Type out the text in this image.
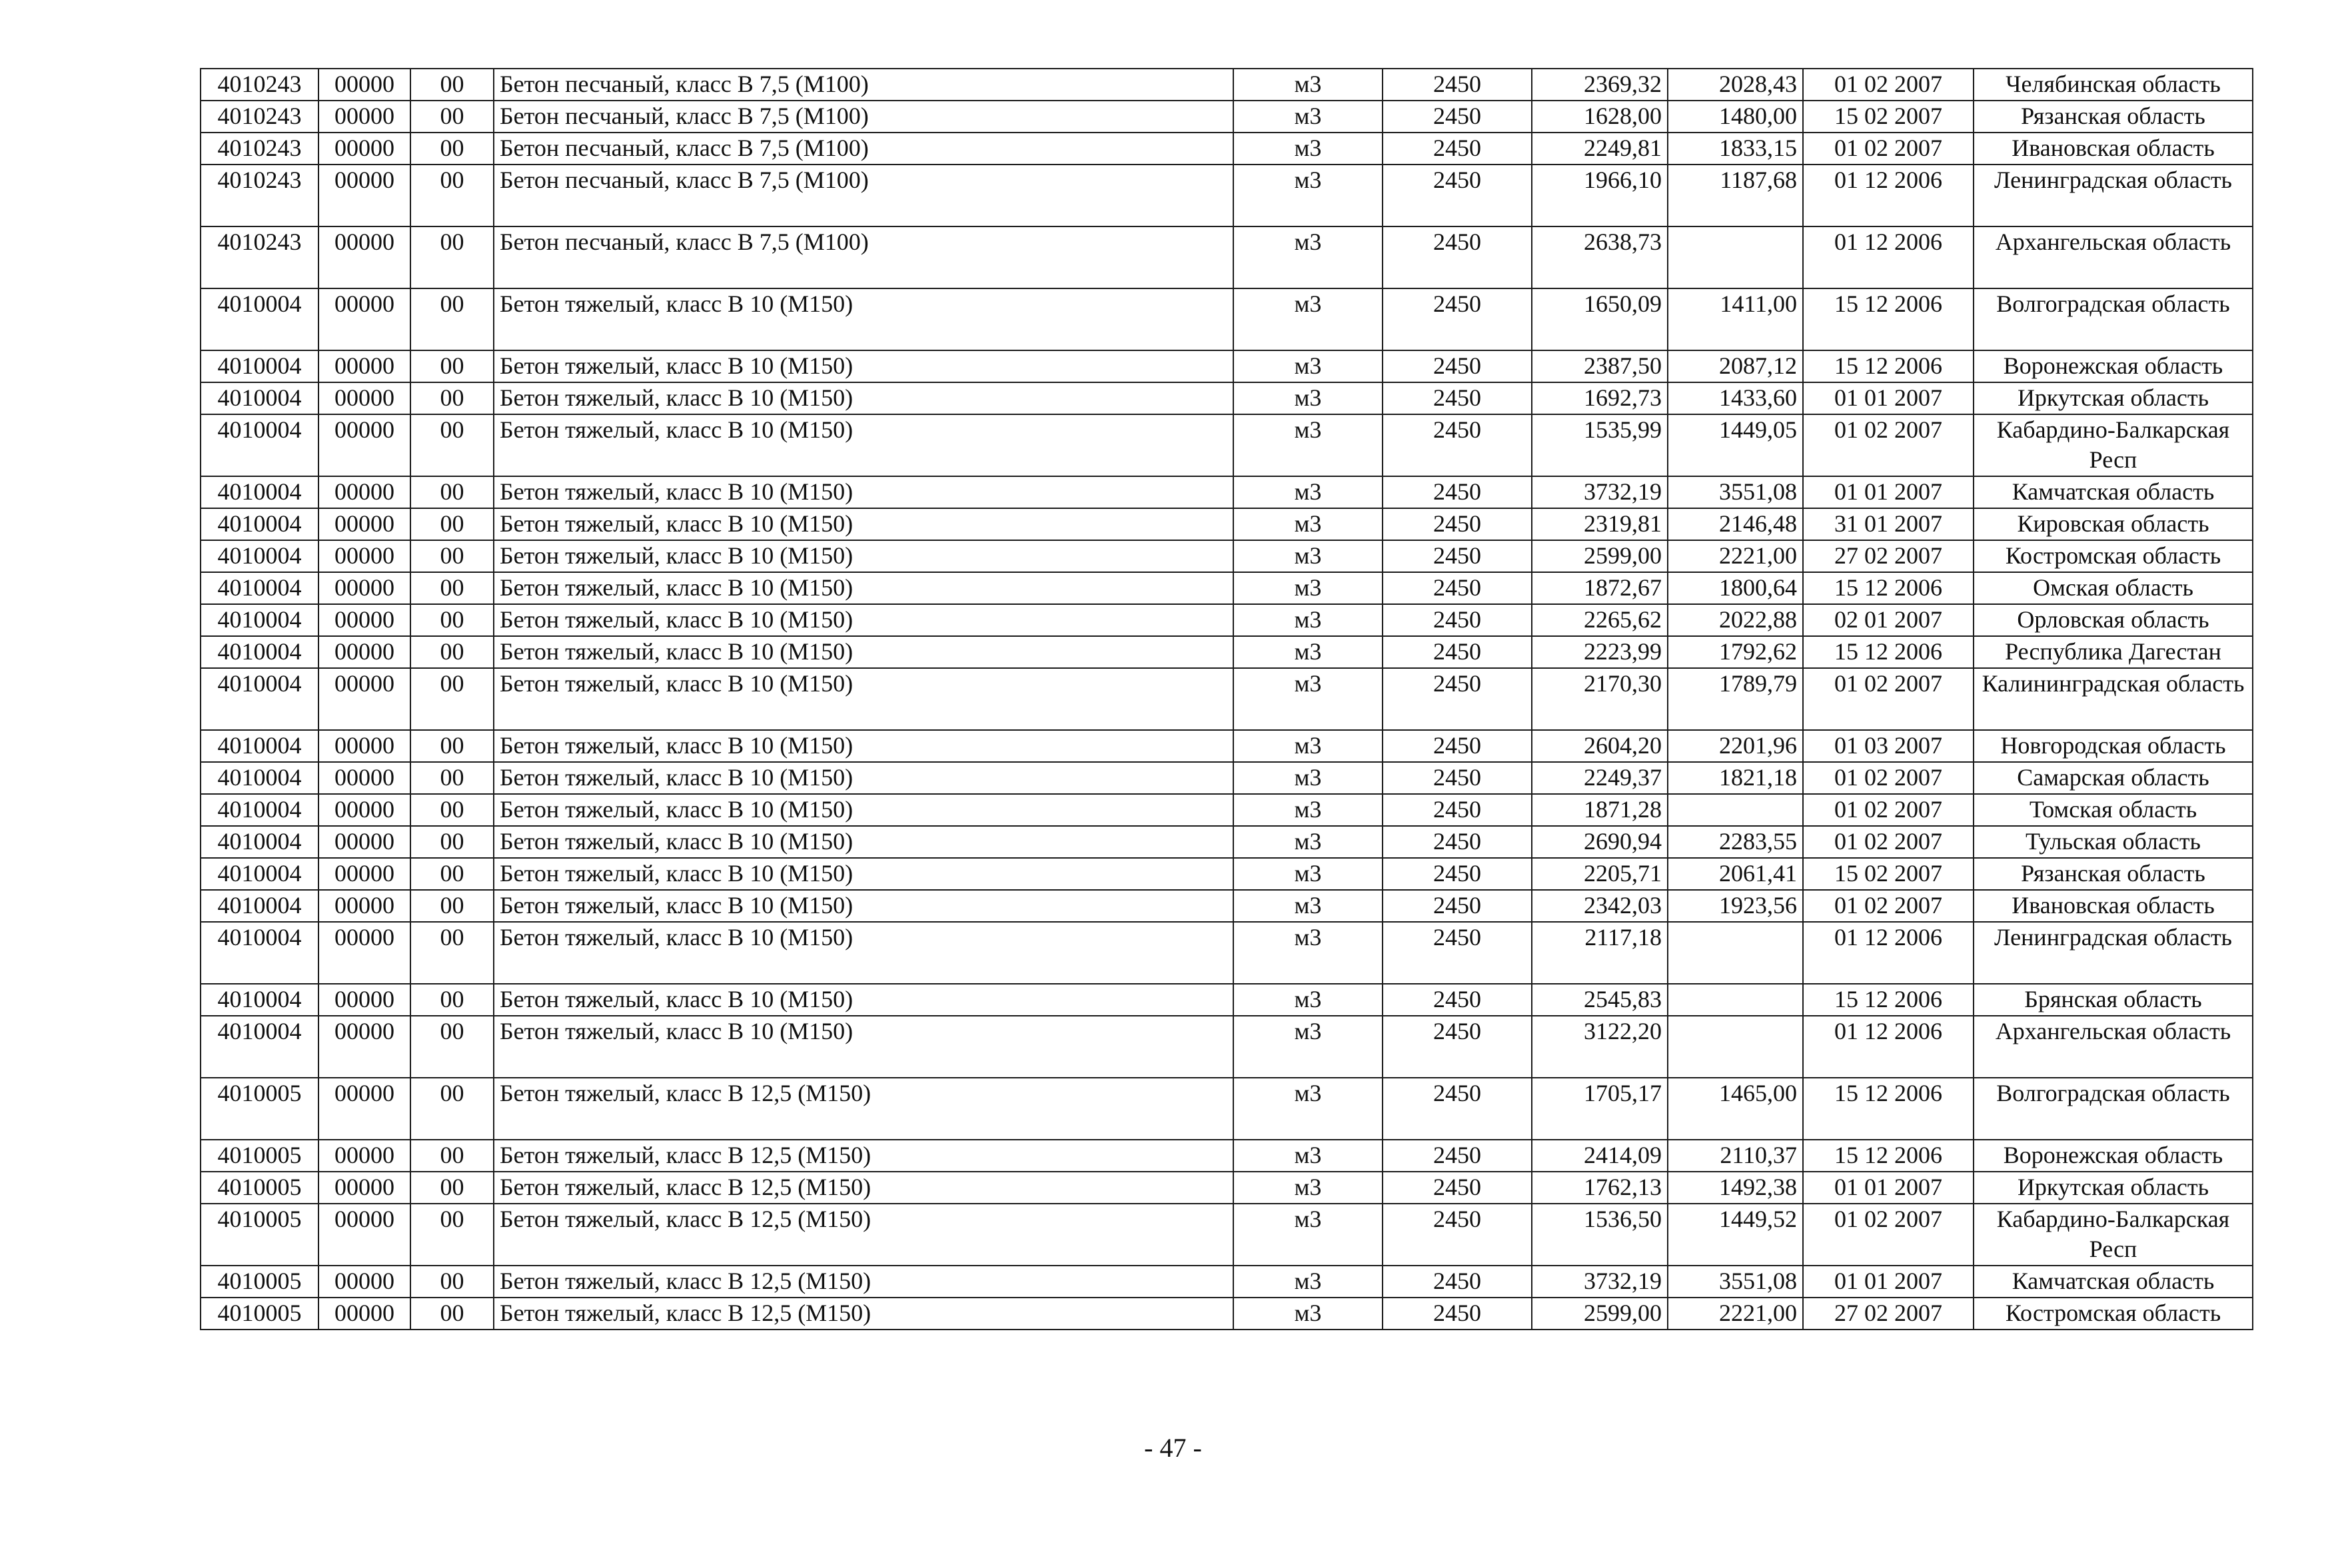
4010243	00000	00	Бетон песчаный, класс В 7,5 (М100)	м3	2450	2369,32	2028,43	01 02 2007	Челябинская область
4010243	00000	00	Бетон песчаный, класс В 7,5 (М100)	м3	2450	1628,00	1480,00	15 02 2007	Рязанская область
4010243	00000	00	Бетон песчаный, класс В 7,5 (М100)	м3	2450	2249,81	1833,15	01 02 2007	Ивановская область
4010243	00000	00	Бетон песчаный, класс В 7,5 (М100)	м3	2450	1966,10	1187,68	01 12 2006	Ленинградская область
4010243	00000	00	Бетон песчаный, класс В 7,5 (М100)	м3	2450	2638,73		01 12 2006	Архангельская область
4010004	00000	00	Бетон тяжелый, класс В 10 (М150)	м3	2450	1650,09	1411,00	15 12 2006	Волгоградская область
4010004	00000	00	Бетон тяжелый, класс В 10 (М150)	м3	2450	2387,50	2087,12	15 12 2006	Воронежская область
4010004	00000	00	Бетон тяжелый, класс В 10 (М150)	м3	2450	1692,73	1433,60	01 01 2007	Иркутская область
4010004	00000	00	Бетон тяжелый, класс В 10 (М150)	м3	2450	1535,99	1449,05	01 02 2007	Кабардино-Балкарская Респ
4010004	00000	00	Бетон тяжелый, класс В 10 (М150)	м3	2450	3732,19	3551,08	01 01 2007	Камчатская область
4010004	00000	00	Бетон тяжелый, класс В 10 (М150)	м3	2450	2319,81	2146,48	31 01 2007	Кировская область
4010004	00000	00	Бетон тяжелый, класс В 10 (М150)	м3	2450	2599,00	2221,00	27 02 2007	Костромская область
4010004	00000	00	Бетон тяжелый, класс В 10 (М150)	м3	2450	1872,67	1800,64	15 12 2006	Омская область
4010004	00000	00	Бетон тяжелый, класс В 10 (М150)	м3	2450	2265,62	2022,88	02 01 2007	Орловская область
4010004	00000	00	Бетон тяжелый, класс В 10 (М150)	м3	2450	2223,99	1792,62	15 12 2006	Республика Дагестан
4010004	00000	00	Бетон тяжелый, класс В 10 (М150)	м3	2450	2170,30	1789,79	01 02 2007	Калининградская область
4010004	00000	00	Бетон тяжелый, класс В 10 (М150)	м3	2450	2604,20	2201,96	01 03 2007	Новгородская область
4010004	00000	00	Бетон тяжелый, класс В 10 (М150)	м3	2450	2249,37	1821,18	01 02 2007	Самарская область
4010004	00000	00	Бетон тяжелый, класс В 10 (М150)	м3	2450	1871,28		01 02 2007	Томская область
4010004	00000	00	Бетон тяжелый, класс В 10 (М150)	м3	2450	2690,94	2283,55	01 02 2007	Тульская область
4010004	00000	00	Бетон тяжелый, класс В 10 (М150)	м3	2450	2205,71	2061,41	15 02 2007	Рязанская область
4010004	00000	00	Бетон тяжелый, класс В 10 (М150)	м3	2450	2342,03	1923,56	01 02 2007	Ивановская область
4010004	00000	00	Бетон тяжелый, класс В 10 (М150)	м3	2450	2117,18		01 12 2006	Ленинградская область
4010004	00000	00	Бетон тяжелый, класс В 10 (М150)	м3	2450	2545,83		15 12 2006	Брянская область
4010004	00000	00	Бетон тяжелый, класс В 10 (М150)	м3	2450	3122,20		01 12 2006	Архангельская область
4010005	00000	00	Бетон тяжелый, класс В 12,5 (М150)	м3	2450	1705,17	1465,00	15 12 2006	Волгоградская область
4010005	00000	00	Бетон тяжелый, класс В 12,5 (М150)	м3	2450	2414,09	2110,37	15 12 2006	Воронежская область
4010005	00000	00	Бетон тяжелый, класс В 12,5 (М150)	м3	2450	1762,13	1492,38	01 01 2007	Иркутская область
4010005	00000	00	Бетон тяжелый, класс В 12,5 (М150)	м3	2450	1536,50	1449,52	01 02 2007	Кабардино-Балкарская Респ
4010005	00000	00	Бетон тяжелый, класс В 12,5 (М150)	м3	2450	3732,19	3551,08	01 01 2007	Камчатская область
4010005	00000	00	Бетон тяжелый, класс В 12,5 (М150)	м3	2450	2599,00	2221,00	27 02 2007	Костромская область
- 47 -
